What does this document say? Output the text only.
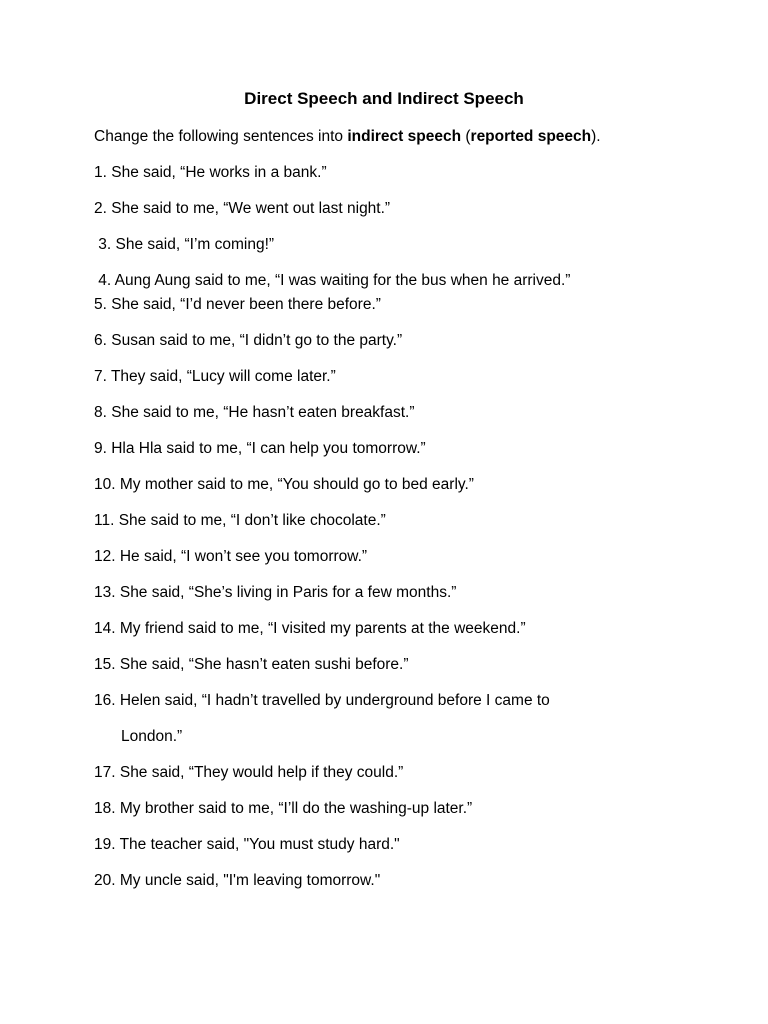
Direct Speech and Indirect Speech
Change the following sentences into indirect speech (reported speech).
1. She said, “He works in a bank.”
2. She said to me, “We went out last night.”
3. She said, “I’m coming!”
4. Aung Aung said to me, “I was waiting for the bus when he arrived.”
5. She said, “I’d never been there before.”
6. Susan said to me, “I didn’t go to the party.”
7. They said, “Lucy will come later.”
8. She said to me, “He hasn’t eaten breakfast.”
9. Hla Hla said to me, “I can help you tomorrow.”
10. My mother said to me, “You should go to bed early.”
11. She said to me, “I don’t like chocolate.”
12. He said, “I won’t see you tomorrow.”
13. She said, “She’s living in Paris for a few months.”
14. My friend said to me, “I visited my parents at the weekend.”
15. She said, “She hasn’t eaten sushi before.”
16. Helen said, “I hadn’t travelled by underground before I came to
London.”
17. She said, “They would help if they could.”
18. My brother said to me, “I’ll do the washing-up later.”
19. The teacher said, "You must study hard."
20. My uncle said, "I'm leaving tomorrow."
